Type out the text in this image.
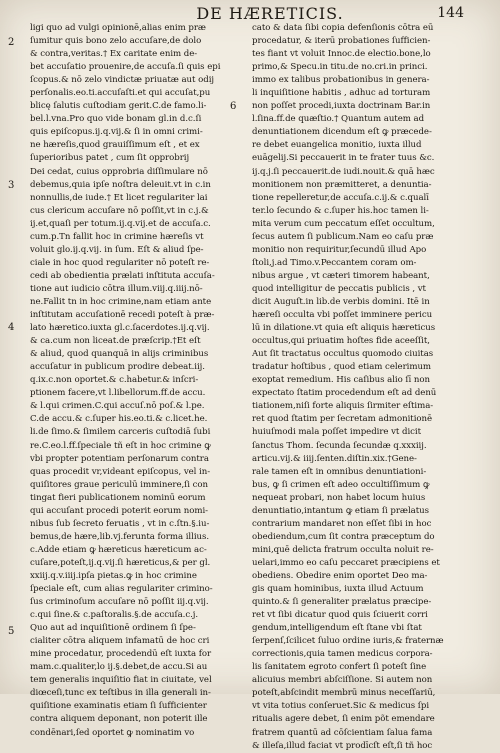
DE HÆRETICIS.	144
2
3
4
5
6
ligi quo ad vulgi opinionē,alias enim præ
ſumitur quis bono zelo accuſare,de dolo
& contra,veritas.† Ex caritate enim de-
bet accuſatio prouenire,de accuſa.ſi quis epi
ſcopus.& nō zelo vindictæ priuatæ aut odij
perſonalis.eo.ti.accuſaſti.et qui accuſat,pu
blicę ſalutis cuſtodiam gerit.C.de famo.li-
bel.l.vna.Pro quo vide bonam gl.in d.c.ſi
quis epiſcopus.ij.q.vij.& ſi in omni crimi-
ne hæreſis,quod grauiſſimum eſt , et ex
ſuperioribus patet , cum ſit opprobrij
Dei cedat, cuius opprobria diſſimulare nō
debemus,quia ipſe noſtra deleuit.vt in c.in
nonnullis,de iude.† Et licet regulariter lai
cus clericum accuſare nō poſſit,vt in c.j.&
ij.et,quaſi per totum.ij.q.vij.et de accuſa.c.
cum.p.Tn fallit hoc in crimine hæreſis vt
voluit glo.ij.q.vij. in ſum. Eſt & aliud ſpe-
ciale in hoc quod regulariter nō poteſt re-
cedi ab obedientia prælati inſtituta accuſa-
tione aut iudicio cōtra illum.viij.q.iiij.nō-
ne.Fallit tn in hoc crimine,nam etiam ante
inſtitutam accuſationē recedi poteſt à præ-
lato hæretico.iuxta gl.c.ſacerdotes.ij.q.vij.
& ca.cum non liceat.de præſcrip.†Et eſt
& aliud, quod quanquā in alijs criminibus
accuſatur in publicum prodire debeat.iij.
q.ix.c.non oportet.& c.habetur.& inſcri-
ptionem facere,vt l.libellorum.ff.de accu.
& l.qui crimen.C.qui accuſ.nō poſ.& l.pe.
C.de accu.& c.ſuper his.eo.ti.& c.licet.he.
li.de ſimo.& ſimilem carceris cuſtodiā ſubi
re.C.eo.l.ff.ſpeciale tñ eſt in hoc crimine ꝙ
vbi propter potentiam perſonarum contra
quas procedit vr,videant epiſcopus, vel in-
quiſitores graue periculū imminere,ſi con
tingat fieri publicationem nominū eorum
qui accuſant procedi poterit eorum nomi-
nibus ſub ſecreto feruatis , vt in c.ſtn.§.iu-
bemus,de hære,lib.vj.ferunta forma illius.
c.Adde etiam ꝙ hæreticus hæreticum ac-
cuſare,poteſt,ij.q.vij.ſi hæreticus,& per gl.
xxiij.q.v.iiij.ipſa pietas.ꝙ in hoc crimine
ſpeciale eſt, cum alias regulariter crimino-
ſus criminoſum accuſare nō poſſit iij.q.vij.
c.qui ſine.& c.paſtoralis.§.de accuſa.c.j.
Quo aut ad inquiſitionē ordinem ſi ſpe-
cialiter cōtra aliquem infamatū de hoc cri
mine procedatur, procedendū eſt iuxta for
mam.c.qualiter,lo ij.§.debet,de accu.Si au
tem generalis inquiſitio fiat in ciuitate, vel
diœceſi,tunc ex teſtibus in illa generali in-
quiſitione examinatis etiam ſi ſufficienter
contra aliquem deponant, non poterit ille
condēnari,ſed oportet ꝙ nominatim vo
cato & data ſibi copia defenſionis cōtra eū
procedatur, & iterū probationes ſufficien-
tes fiant vt voluit Innoc.de electio.bone,lo
primo,& Specu.in titu.de no.cri.in princi.
immo ex talibus probationibus in genera-
li inquiſitione habitis , adhuc ad torturam
non poſſet procedi,iuxta doctrinam Bar.in
l.ſina.ff.de quæſtio.† Quantum autem ad
denuntiationem dicendum eſt ꝙ præcede-
re debet euangelica monitio, iuxta illud
euāgelij.Si peccauerit in te frater tuus &c.
ij.q.j.ſi peccauerit.de iudi.nouit.& quā hæc
monitionem non præmitteret, a denuntia-
tione repelleretur,de accuſa.c.ij.& c.qualī
ter.lo ſecundo & c.ſuper his.hoc tamen li-
mita verum cum peccatum eſſet occultum,
ſecus autem ſi publicum.Nam eo caſu præ
monitio non requiritur,ſecundū illud Apo
ſtoli,j.ad Timo.v.Peccantem coram om-
nibus argue , vt cæteri timorem habeant,
quod intelligitur de peccatis publicis , vt
dicit Auguſt.in lib.de verbis domini. Itē in
hæreſi occulta vbi poſſet imminere pericu
lū in dilatione.vt quia eſt aliquis hæreticus
occultus,qui priuatim hoſtes fide aceeſſit,
Aut ſit tractatus occultus quomodo ciuitas
tradatur hoſtibus , quod etiam celerimum
exoptat remedium. His caſibus alio ſī non
expectato ſtatim procedendum eſt ad denū
tiationem,niſi forte aliquis ſirmiter eſtima-
ret quod ſtatim per ſecretam admonitionē
huiuſmodi mala poſſet impedire vt dicit
ſanctus Thom. ſecunda ſecundæ q.xxxiij.
articu.vij.& iiij.ſenten.diſtin.xix.†Gene-
rale tamen eſt in omnibus denuntiationi-
bus, ꝙ ſi crimen eſt adeo occultiſſimum ꝙ
nequeat probari, non habet locum huius
denuntiatio,intantum ꝙ etiam ſi prælatus
contrarium mandaret non eſſet ſibi in hoc
obediendum,cum ſit contra præceptum do
mini,quē delicta fratrum occulta noluit re-
uelari,immo eo caſu peccaret præcipiens et
obediens. Obedire enim oportet Deo ma-
gis quam hominibus, iuxta illud Actuum
quinto.& ſi generaliter prælatus præcipe-
ret vt ſibi dicatur quod quis ſciuerit corri
gendum,intelligendum eſt ſtane vbi ſtat
ſerpenſ,ſcilicet ſuluo ordine iuris,& fraternæ
correctionis,quia tamen medicus corpora-
lis ſanitatem egroto confert ſi poteſt ſine
alicuius membri abſciſſione. Si autem non
poteſt,abſcindit membrū minus neceſſariū,
vt vita totius conſeruet.Sic & medicus ſpi
ritualis agere debet, ſi enim põt emendare
fratrem quantū ad cōſcientiam ſalua fama
& illeſa,illud faciat vt prodīcſt eſt,ſi tñ hoc
